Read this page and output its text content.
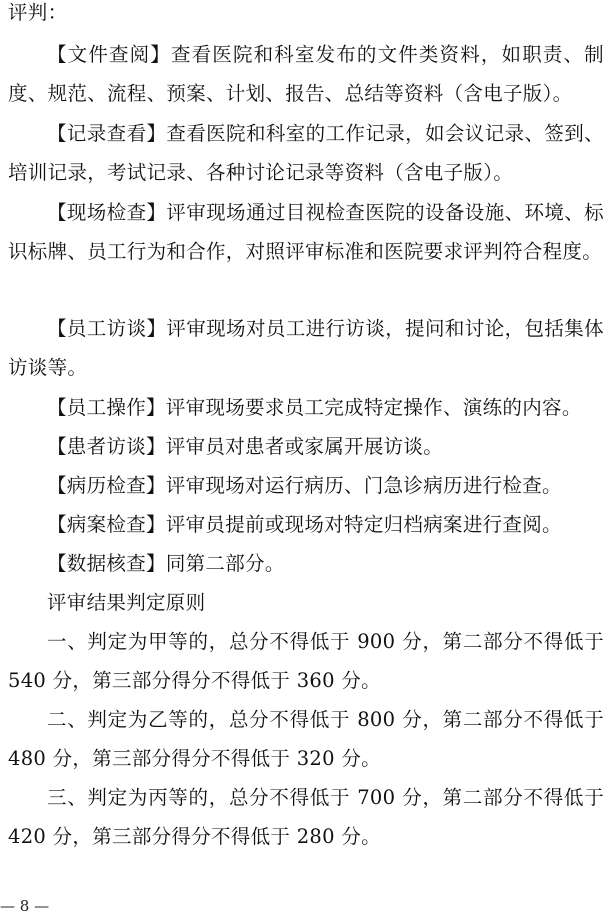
评判：

【文件查阅】查看医院和科室发布的文件类资料，如职责、制度、规范、流程、预案、计划、报告、总结等资料（含电子版）。

【记录查看】查看医院和科室的工作记录，如会议记录、签到、培训记录，考试记录、各种讨论记录等资料（含电子版）。

【现场检查】评审现场通过目视检查医院的设备设施、环境、标识标牌、员工行为和合作，对照评审标准和医院要求评判符合程度。

【员工访谈】评审现场对员工进行访谈，提问和讨论，包括集体访谈等。

【员工操作】评审现场要求员工完成特定操作、演练的内容。

【患者访谈】评审员对患者或家属开展访谈。

【病历检查】评审现场对运行病历、门急诊病历进行检查。

【病案检查】评审员提前或现场对特定归档病案进行查阅。

【数据核查】同第二部分。

评审结果判定原则

一、判定为甲等的，总分不得低于 900 分，第二部分不得低于 540 分，第三部分得分不得低于 360 分。

二、判定为乙等的，总分不得低于 800 分，第二部分不得低于 480 分，第三部分得分不得低于 320 分。

三、判定为丙等的，总分不得低于 700 分，第二部分不得低于 420 分，第三部分得分不得低于 280 分。

— 8 —
